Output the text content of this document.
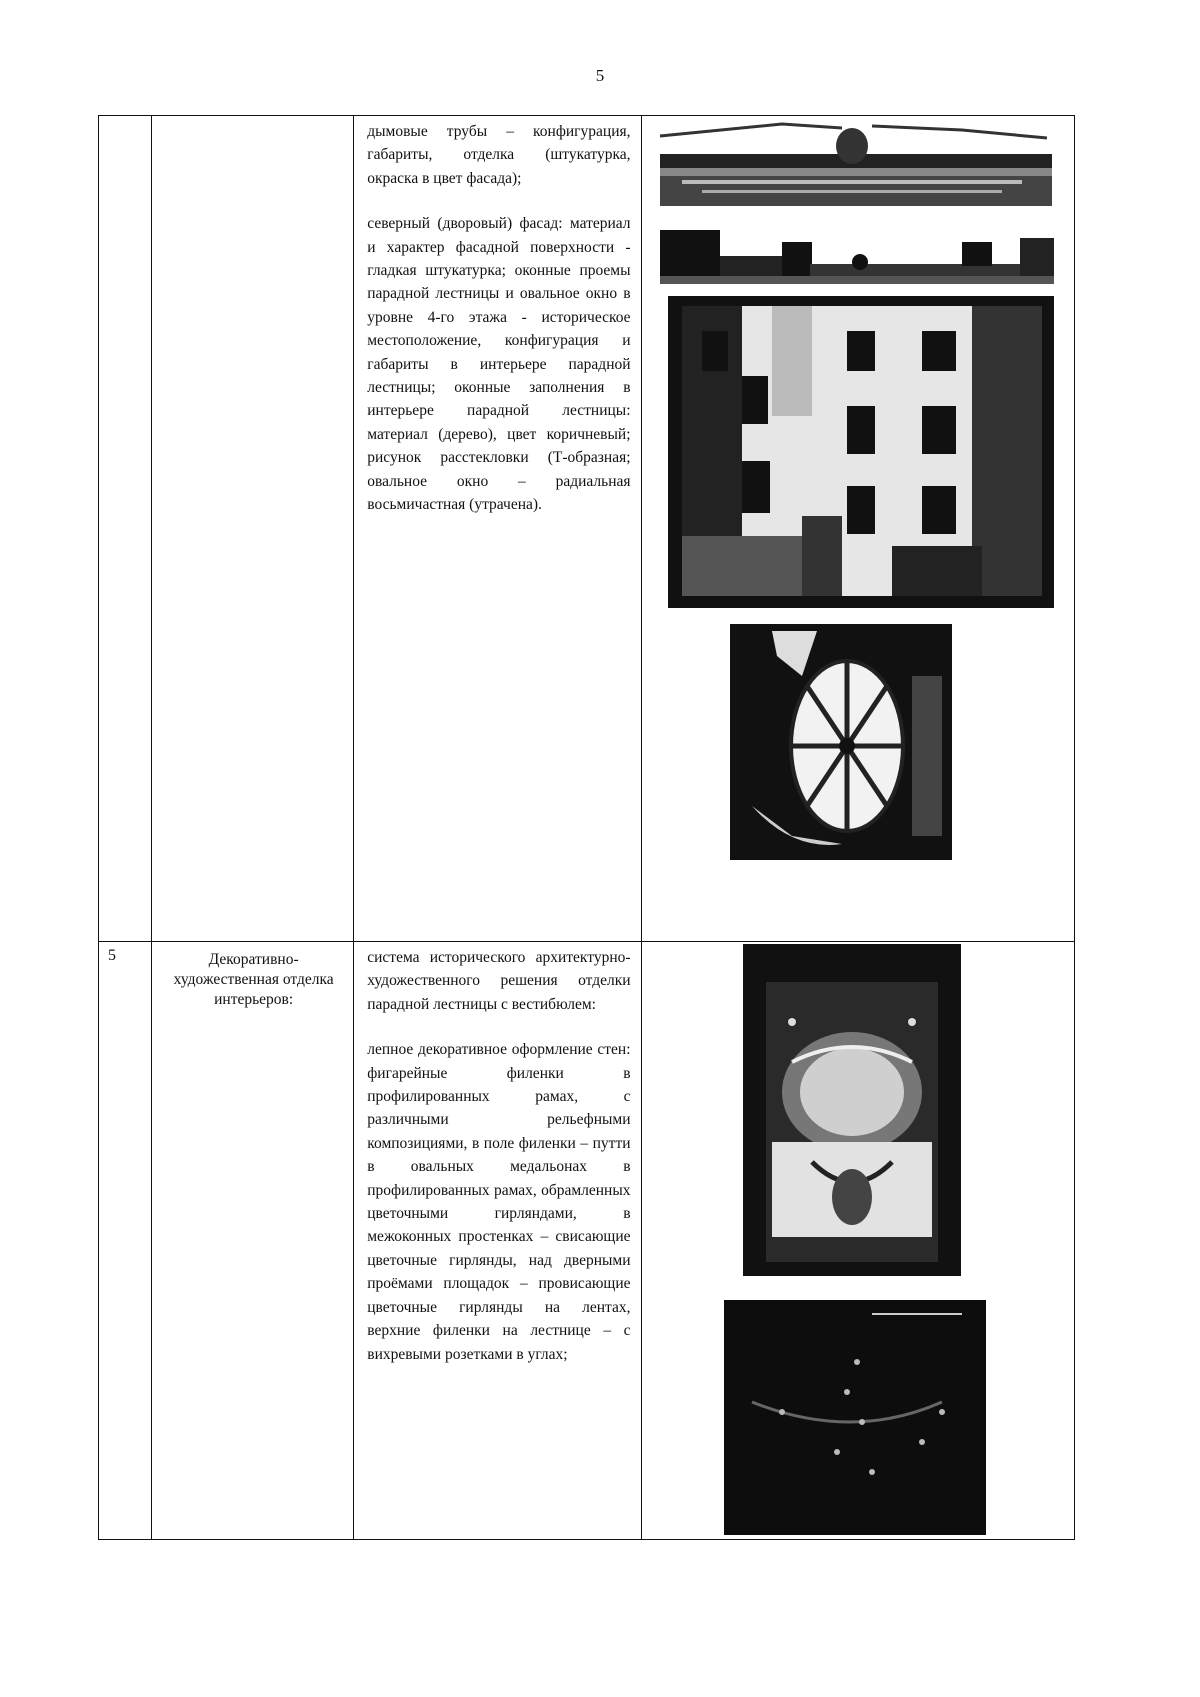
5

		дымовые трубы – конфигурация, габариты, отделка (штукатурка, окраска в цвет фасада);

северный (дворовый) фасад: материал и характер фасадной поверхности - гладкая штукатурка; оконные проемы парадной лестницы и овальное окно в уровне 4-го этажа - историческое местоположение, конфигурация и габариты в интерьере парадной лестницы; оконные заполнения в интерьере парадной лестницы: материал (дерево), цвет коричневый; рисунок расстекловки (Т-образная; овальное окно – радиальная восьмичастная (утрачена).

5	Декоративно-художественная отделка интерьеров:	система исторического архитектурно-художественного решения отделки парадной лестницы с вестибюлем:

лепное декоративное оформление стен: фигарейные филенки в профилированных рамах, с различными рельефными композициями, в поле филенки – путти в овальных медальонах в профилированных рамах, обрамленных цветочными гирляндами, в межоконных простенках – свисающие цветочные гирлянды, над дверными проёмами площадок – провисающие цветочные гирлянды на лентах, верхние филенки на лестнице – с вихревыми розетками в углах;
